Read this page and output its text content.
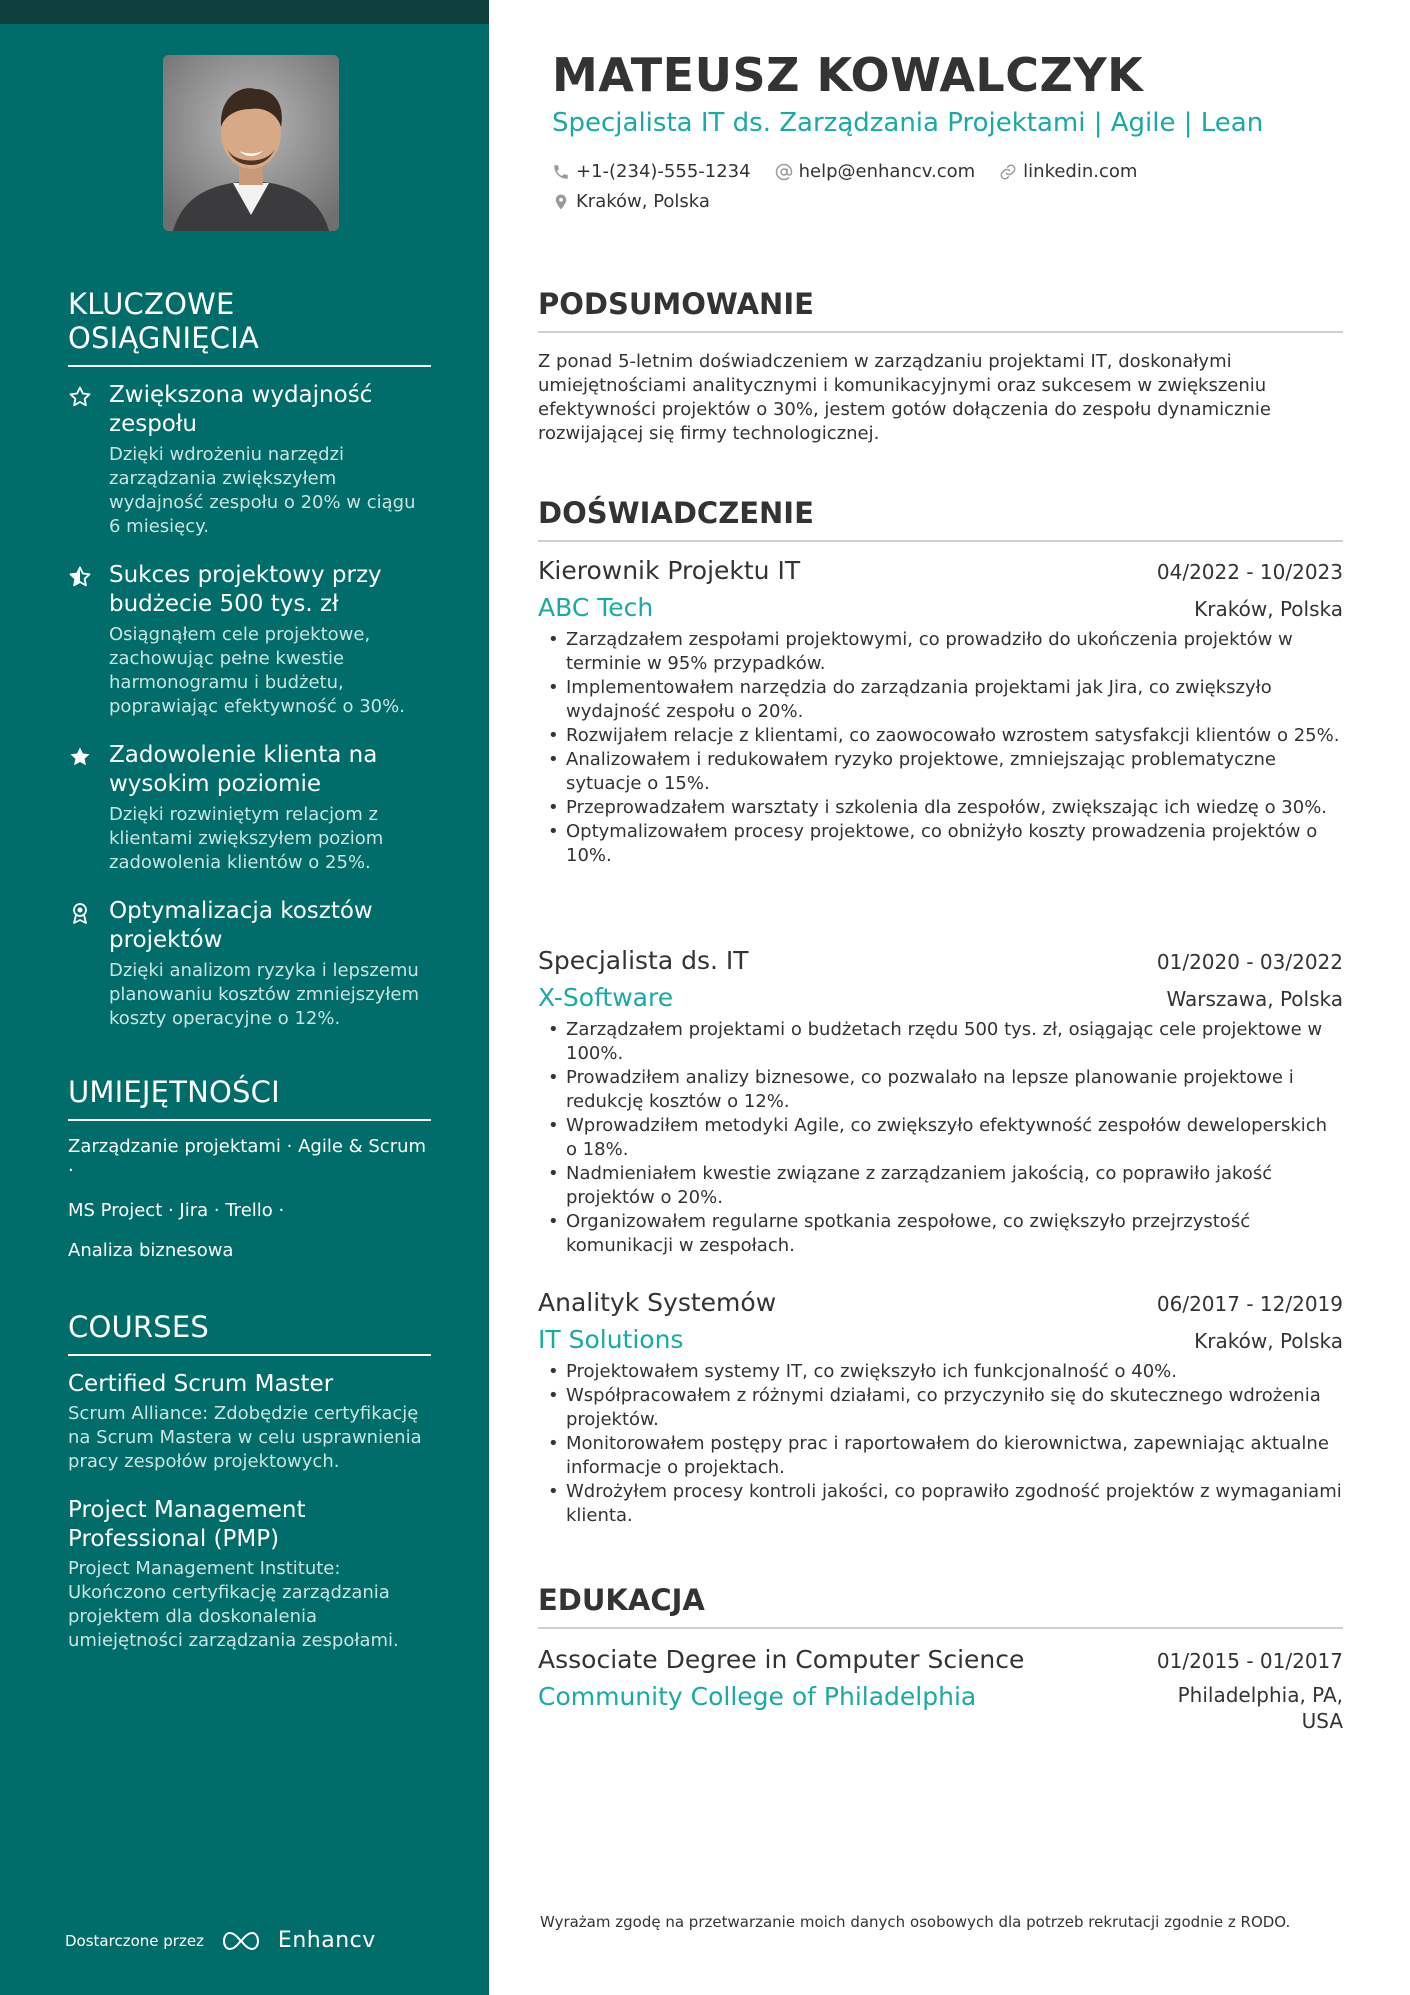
KLUCZOWE OSIĄGNIĘCIA
Zwiększona wydajność zespołu
Dzięki wdrożeniu narzędzi zarządzania zwiększyłem wydajność zespołu o 20% w ciągu 6 miesięcy.
Sukces projektowy przy budżecie 500 tys. zł
Osiągnąłem cele projektowe, zachowując pełne kwestie harmonogramu i budżetu, poprawiając efektywność o 30%.
Zadowolenie klienta na wysokim poziomie
Dzięki rozwiniętym relacjom z klientami zwiększyłem poziom zadowolenia klientów o 25%.
Optymalizacja kosztów projektów
Dzięki analizom ryzyka i lepszemu planowaniu kosztów zmniejszyłem koszty operacyjne o 12%.
UMIEJĘTNOŚCI
Zarządzanie projektami · Agile & Scrum ·
MS Project · Jira · Trello ·
Analiza biznesowa
COURSES
Certified Scrum Master
Scrum Alliance: Zdobędzie certyfikację na Scrum Mastera w celu usprawnienia pracy zespołów projektowych.
Project Management Professional (PMP)
Project Management Institute: Ukończono certyfikację zarządzania projektem dla doskonalenia umiejętności zarządzania zespołami.
Dostarczone przez	Enhancv
MATEUSZ KOWALCZYK
Specjalista IT ds. Zarządzania Projektami | Agile | Lean
+1-(234)-555-1234	help@enhancv.com	linkedin.com
Kraków, Polska
PODSUMOWANIE
Z ponad 5-letnim doświadczeniem w zarządzaniu projektami IT, doskonałymi umiejętnościami analitycznymi i komunikacyjnymi oraz sukcesem w zwiększeniu efektywności projektów o 30%, jestem gotów dołączenia do zespołu dynamicznie rozwijającej się firmy technologicznej.
DOŚWIADCZENIE
Kierownik Projektu IT	04/2022 - 10/2023
ABC Tech	Kraków, Polska
• Zarządzałem zespołami projektowymi, co prowadziło do ukończenia projektów w terminie w 95% przypadków.
• Implementowałem narzędzia do zarządzania projektami jak Jira, co zwiększyło wydajność zespołu o 20%.
• Rozwijałem relacje z klientami, co zaowocowało wzrostem satysfakcji klientów o 25%.
• Analizowałem i redukowałem ryzyko projektowe, zmniejszając problematyczne sytuacje o 15%.
• Przeprowadzałem warsztaty i szkolenia dla zespołów, zwiększając ich wiedzę o 30%.
• Optymalizowałem procesy projektowe, co obniżyło koszty prowadzenia projektów o 10%.
Specjalista ds. IT	01/2020 - 03/2022
X-Software	Warszawa, Polska
• Zarządzałem projektami o budżetach rzędu 500 tys. zł, osiągając cele projektowe w 100%.
• Prowadziłem analizy biznesowe, co pozwalało na lepsze planowanie projektowe i redukcję kosztów o 12%.
• Wprowadziłem metodyki Agile, co zwiększyło efektywność zespołów deweloperskich o 18%.
• Nadmieniałem kwestie związane z zarządzaniem jakością, co poprawiło jakość projektów o 20%.
• Organizowałem regularne spotkania zespołowe, co zwiększyło przejrzystość komunikacji w zespołach.
Analityk Systemów	06/2017 - 12/2019
IT Solutions	Kraków, Polska
• Projektowałem systemy IT, co zwiększyło ich funkcjonalność o 40%.
• Współpracowałem z różnymi działami, co przyczyniło się do skutecznego wdrożenia projektów.
• Monitorowałem postępy prac i raportowałem do kierownictwa, zapewniając aktualne informacje o projektach.
• Wdrożyłem procesy kontroli jakości, co poprawiło zgodność projektów z wymaganiami klienta.
EDUKACJA
Associate Degree in Computer Science	01/2015 - 01/2017
Community College of Philadelphia	Philadelphia, PA,
USA
Wyrażam zgodę na przetwarzanie moich danych osobowych dla potrzeb rekrutacji zgodnie z RODO.
